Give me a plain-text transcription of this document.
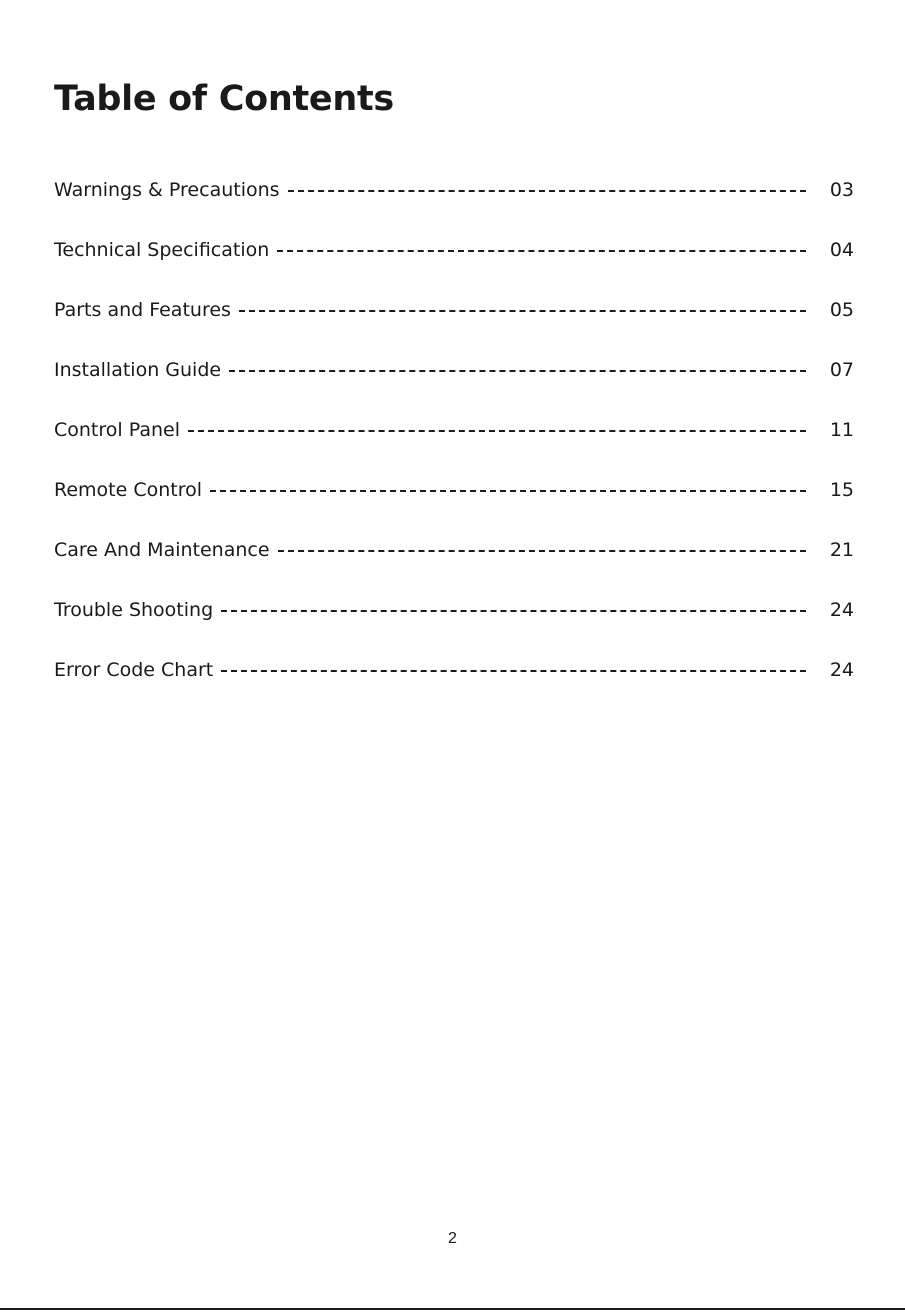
Table of Contents
Warnings & Precautions	03
Technical Specification	04
Parts and Features	05
Installation Guide	07
Control Panel	11
Remote Control	15
Care And Maintenance	21
Trouble Shooting	24
Error Code Chart	24
2
